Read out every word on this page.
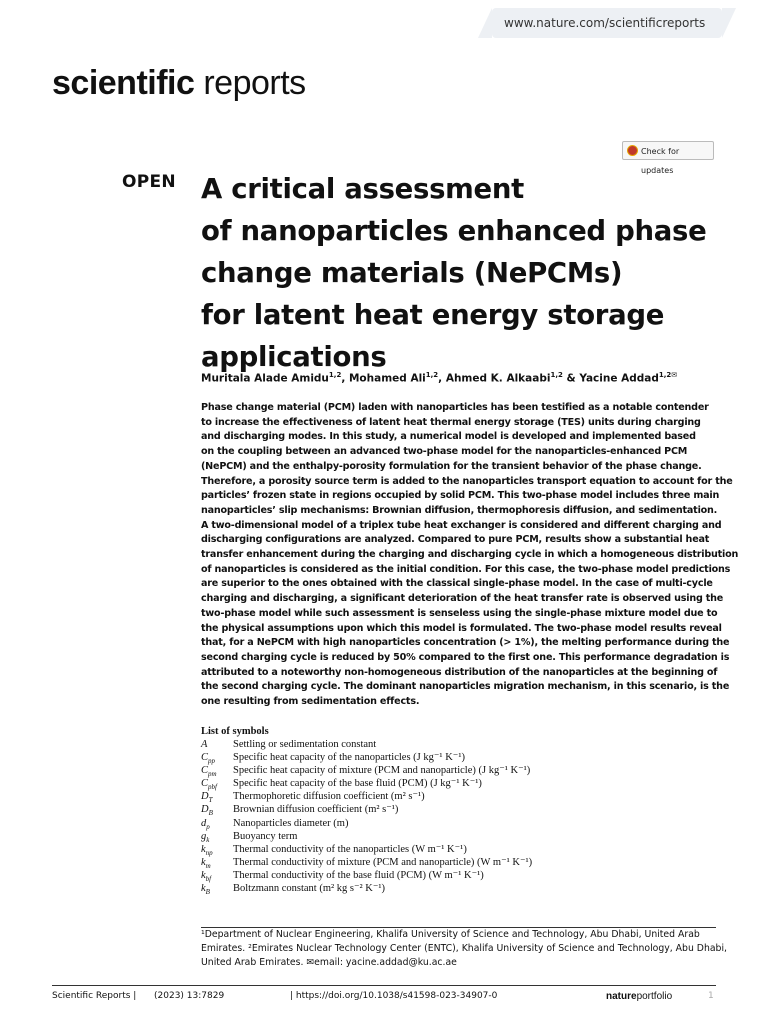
www.nature.com/scientificreports
scientific reports
Check for updates
OPEN A critical assessment
of nanoparticles enhanced phase
change materials (NePCMs)
for latent heat energy storage
applications
Muritala Alade Amidu$^{1,2}$, Mohamed Ali$^{1,2}$, Ahmed K. Alkaabi$^{1,2}$ & Yacine Addad$^{1,2✉}$
Phase change material (PCM) laden with nanoparticles has been testified as a notable contender
to increase the effectiveness of latent heat thermal energy storage (TES) units during charging
and discharging modes. In this study, a numerical model is developed and implemented based
on the coupling between an advanced two-phase model for the nanoparticles-enhanced PCM
(NePCM) and the enthalpy-porosity formulation for the transient behavior of the phase change.
Therefore, a porosity source term is added to the nanoparticles transport equation to account for the
particles’ frozen state in regions occupied by solid PCM. This two-phase model includes three main
nanoparticles’ slip mechanisms: Brownian diffusion, thermophoresis diffusion, and sedimentation.
A two-dimensional model of a triplex tube heat exchanger is considered and different charging and
discharging configurations are analyzed. Compared to pure PCM, results show a substantial heat
transfer enhancement during the charging and discharging cycle in which a homogeneous distribution
of nanoparticles is considered as the initial condition. For this case, the two-phase model predictions
are superior to the ones obtained with the classical single-phase model. In the case of multi-cycle
charging and discharging, a significant deterioration of the heat transfer rate is observed using the
two-phase model while such assessment is senseless using the single-phase mixture model due to
the physical assumptions upon which this model is formulated. The two-phase model results reveal
that, for a NePCM with high nanoparticles concentration (> 1%), the melting performance during the
second charging cycle is reduced by 50% compared to the first one. This performance degradation is
attributed to a noteworthy non-homogeneous distribution of the nanoparticles at the beginning of
the second charging cycle. The dominant nanoparticles migration mechanism, in this scenario, is the
one resulting from sedimentation effects.
List of symbols
A	Settling or sedimentation constant
$C_{pp}$	Specific heat capacity of the nanoparticles (J kg⁻¹ K⁻¹)
$C_{pm}$	Specific heat capacity of mixture (PCM and nanoparticle) (J kg⁻¹ K⁻¹)
$C_{pbf}$	Specific heat capacity of the base fluid (PCM) (J kg⁻¹ K⁻¹)
$D_T$	Thermophoretic diffusion coefficient (m² s⁻¹)
$D_B$	Brownian diffusion coefficient (m² s⁻¹)
$d_p$	Nanoparticles diameter (m)
$g_k$	Buoyancy term
$k_{np}$	Thermal conductivity of the nanoparticles (W m⁻¹ K⁻¹)
$k_m$	Thermal conductivity of mixture (PCM and nanoparticle) (W m⁻¹ K⁻¹)
$k_{bf}$	Thermal conductivity of the base fluid (PCM) (W m⁻¹ K⁻¹)
$k_B$	Boltzmann constant (m² kg s⁻² K⁻¹)
¹Department of Nuclear Engineering, Khalifa University of Science and Technology, Abu Dhabi, United Arab
Emirates. ²Emirates Nuclear Technology Center (ENTC), Khalifa University of Science and Technology, Abu Dhabi,
United Arab Emirates. ✉email: yacine.addad@ku.ac.ae
Scientific Reports | (2023) 13:7829	| https://doi.org/10.1038/s41598-023-34907-0	natureportfolio	1
